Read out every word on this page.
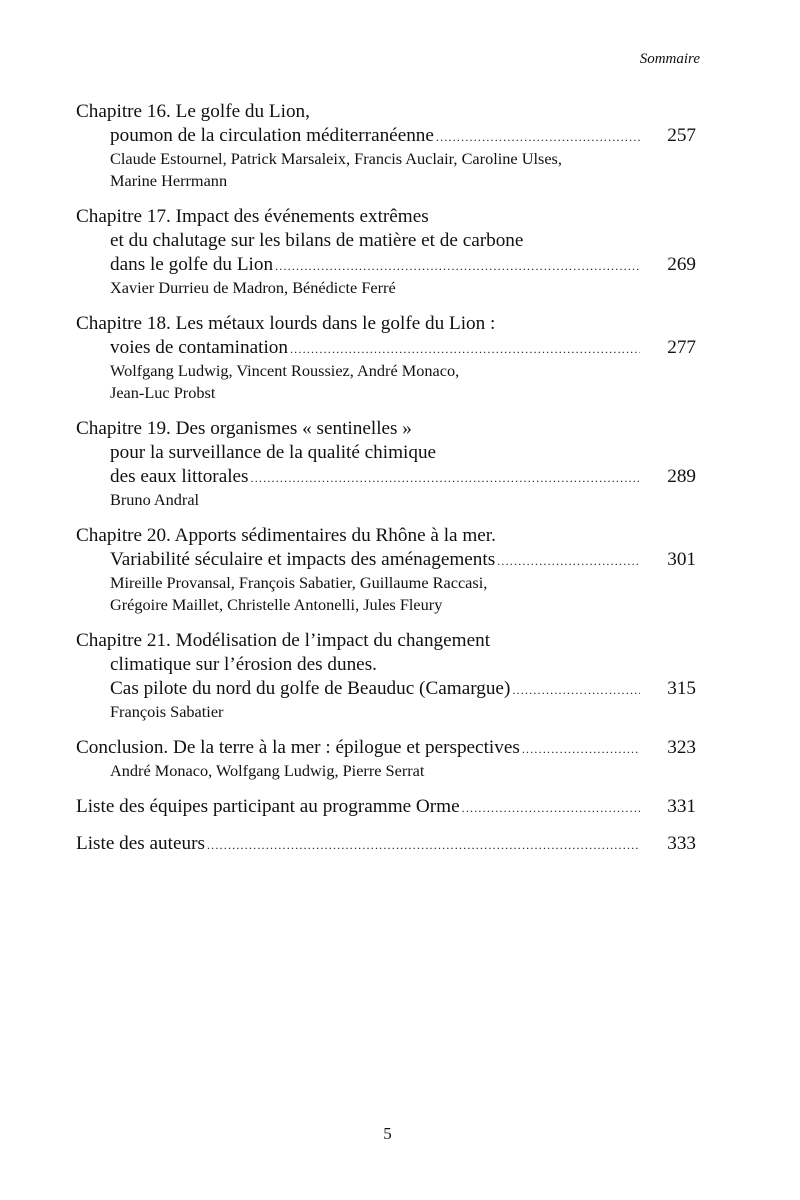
Sommaire
Chapitre 16. Le golfe du Lion,
poumon de la circulation méditerranéenne .....	257
Claude Estournel, Patrick Marsaleix, Francis Auclair, Caroline Ulses,
Marine Herrmann
Chapitre 17. Impact des événements extrêmes
et du chalutage sur les bilans de matière et de carbone
dans le golfe du Lion .....	269
Xavier Durrieu de Madron, Bénédicte Ferré
Chapitre 18. Les métaux lourds dans le golfe du Lion :
voies de contamination .....	277
Wolfgang Ludwig, Vincent Roussiez, André Monaco,
Jean-Luc Probst
Chapitre 19. Des organismes « sentinelles »
pour la surveillance de la qualité chimique
des eaux littorales .....	289
Bruno Andral
Chapitre 20. Apports sédimentaires du Rhône à la mer.
Variabilité séculaire et impacts des aménagements .....	301
Mireille Provansal, François Sabatier, Guillaume Raccasi,
Grégoire Maillet, Christelle Antonelli, Jules Fleury
Chapitre 21. Modélisation de l’impact du changement
climatique sur l’érosion des dunes.
Cas pilote du nord du golfe de Beauduc (Camargue) .....	315
François Sabatier
Conclusion. De la terre à la mer : épilogue et perspectives .....	323
André Monaco, Wolfgang Ludwig, Pierre Serrat
Liste des équipes participant au programme Orme .....	331
Liste des auteurs .....	333
5
